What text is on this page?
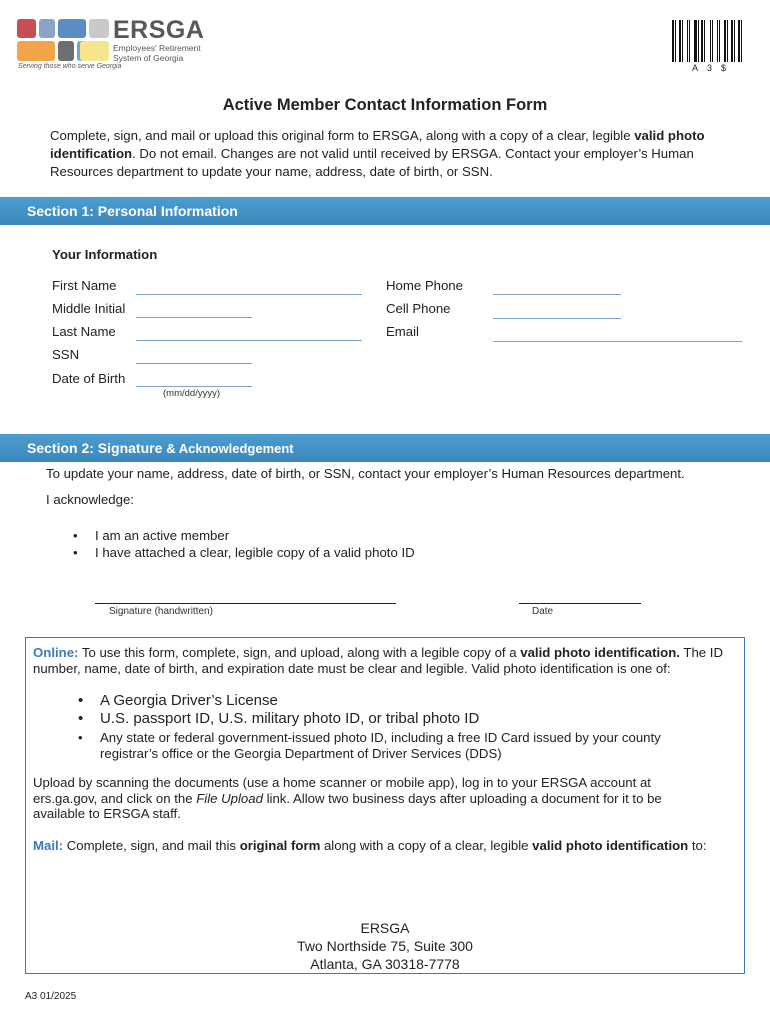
ERSGA
Employees' Retirement
System of Georgia
Serving those who serve Georgia	A3$
Active Member Contact Information Form
Complete, sign, and mail or upload this original form to ERSGA, along with a copy of a clear, legible valid photo identification. Do not email. Changes are not valid until received by ERSGA. Contact your employer’s Human Resources department to update your name, address, date of birth, or SSN.
Section 1: Personal Information
Your Information
First Name
Middle Initial
Last Name
SSN
Date of Birth
(mm/dd/yyyy)
Home Phone
Cell Phone
Email
Section 2: Signature & Acknowledgement
To update your name, address, date of birth, or SSN, contact your employer’s Human Resources department.
I acknowledge:
• I am an active member
• I have attached a clear, legible copy of a valid photo ID
Signature (handwritten)	Date
Online: To use this form, complete, sign, and upload, along with a legible copy of a valid photo identification. The ID number, name, date of birth, and expiration date must be clear and legible. Valid photo identification is one of:
• A Georgia Driver’s License
• U.S. passport ID, U.S. military photo ID, or tribal photo ID
• Any state or federal government-issued photo ID, including a free ID Card issued by your county registrar’s office or the Georgia Department of Driver Services (DDS)
Upload by scanning the documents (use a home scanner or mobile app), log in to your ERSGA account at ers.ga.gov, and click on the File Upload link. Allow two business days after uploading a document for it to be available to ERSGA staff.
Mail: Complete, sign, and mail this original form along with a copy of a clear, legible valid photo identification to:
ERSGA
Two Northside 75, Suite 300
Atlanta, GA 30318-7778
A3 01/2025
